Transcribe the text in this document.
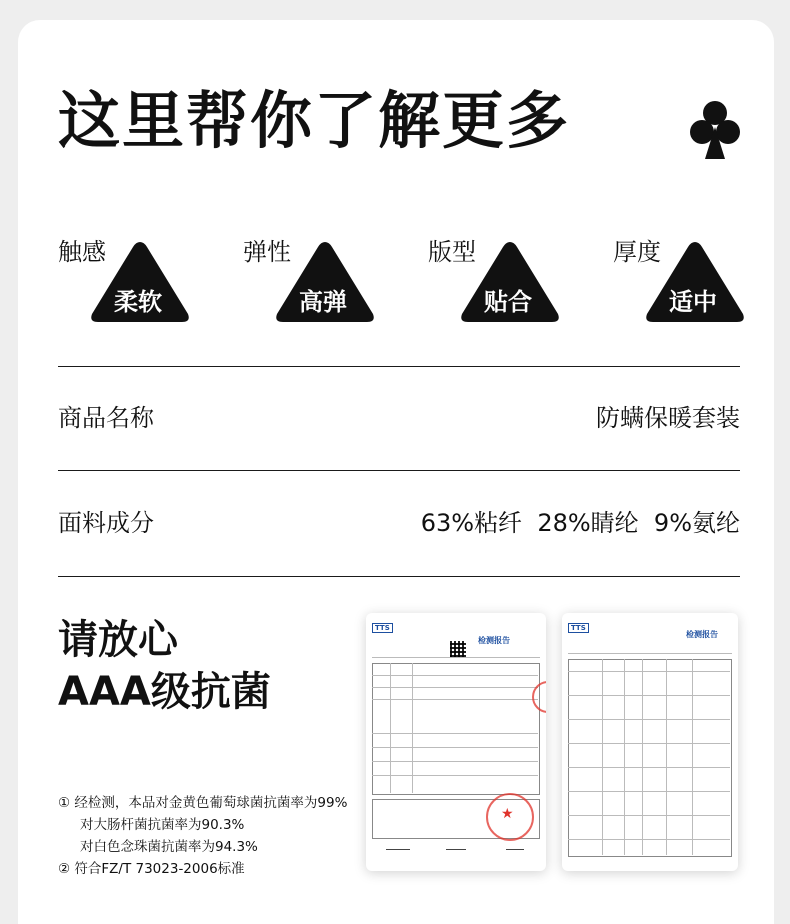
这里帮你了解更多
触感
柔软
弹性
高弹
版型
贴合
厚度
适中
商品名称	防螨保暖套装
面料成分	63%粘纤  28%睛纶  9%氨纶
请放心
AAA级抗菌
① 经检测，本品对金黄色葡萄球菌抗菌率为99%
对大肠杆菌抗菌率为90.3%
对白色念珠菌抗菌率为94.3%
② 符合FZ/T 73023-2006标准
TTS
检测报告
★
TTS
检测报告
